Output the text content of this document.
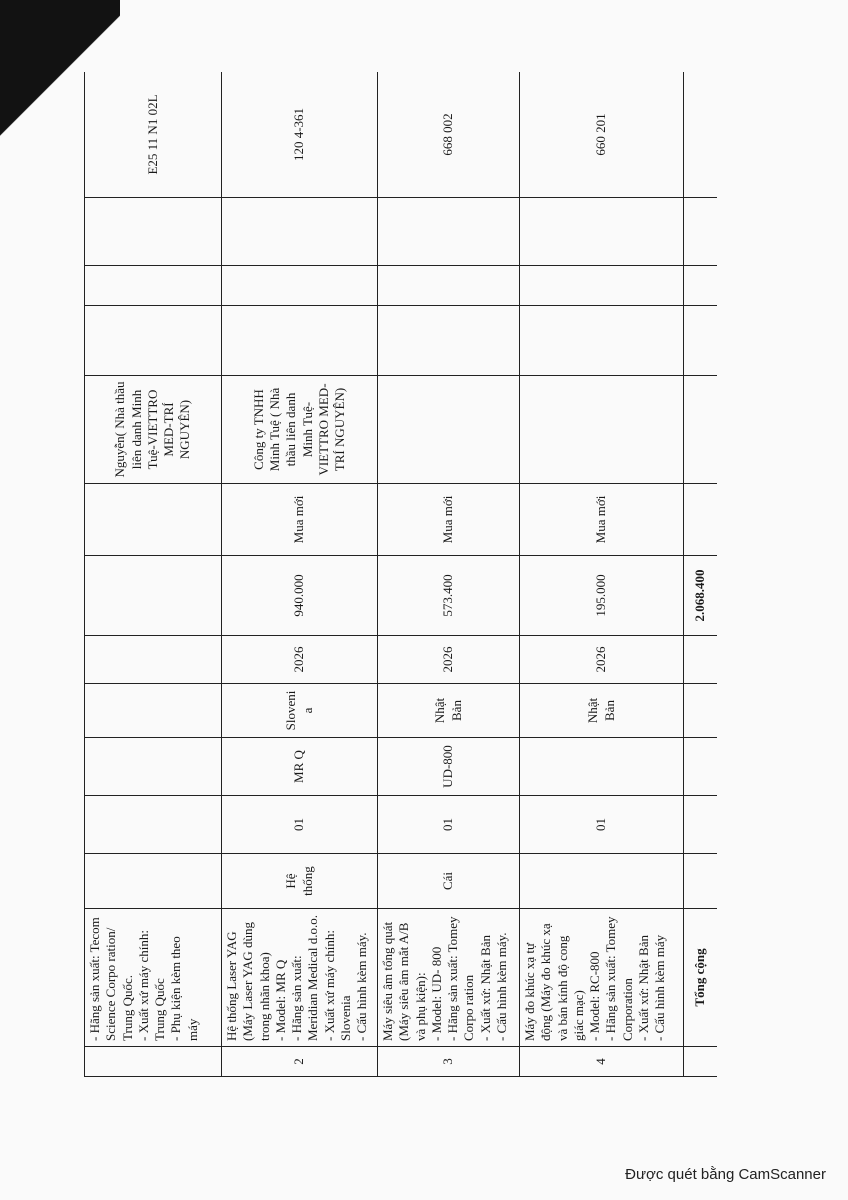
	- Hãng sản xuất: Tecom Science Corpo ration/ Trung Quốc. - Xuất xứ máy chính: Trung Quốc - Phụ kiện kèm theo máy								Nguyễn( Nhà thầu liên danh Minh Tuệ-VIETTRO MED-TRÍ NGUYÊN)				E25 11 N1 02L
2	Hệ thống Laser YAG (Máy Laser YAG dùng trong nhãn khoa) - Model: MR Q - Hãng sản xuất: Meridian Medical d.o.o. - Xuất xứ máy chính: Slovenia - Cấu hình kèm máy.	Hệ thống	01	MR Q	Sloveni a	2026	940.000	Mua mới	Công ty TNHH Minh Tuệ ( Nhà thầu liên danh Minh Tuệ-VIETTRO MED-TRÍ NGUYÊN)				120 4-361
3	Máy siêu âm tổng quát (Máy siêu âm mắt A/B và phụ kiện): - Model: UD- 800 - Hãng sản xuất: Tomey Corpo ration - Xuất xứ: Nhật Bản - Cấu hình kèm máy.	Cái	01	UD-800	Nhật Bản	2026	573.400	Mua mới					668 002
4	Máy đo khúc xạ tự động (Máy đo khúc xạ và bán kính độ cong giác mạc) - Model: RC-800 - Hãng sản xuất: Tomey Corporation - Xuất xứ: Nhật Bản - Cấu hình kèm máy		01		Nhật Bản	2026	195.000	Mua mới					660 201
	Tổng cộng						2.068.400						
Được quét bằng CamScanner
